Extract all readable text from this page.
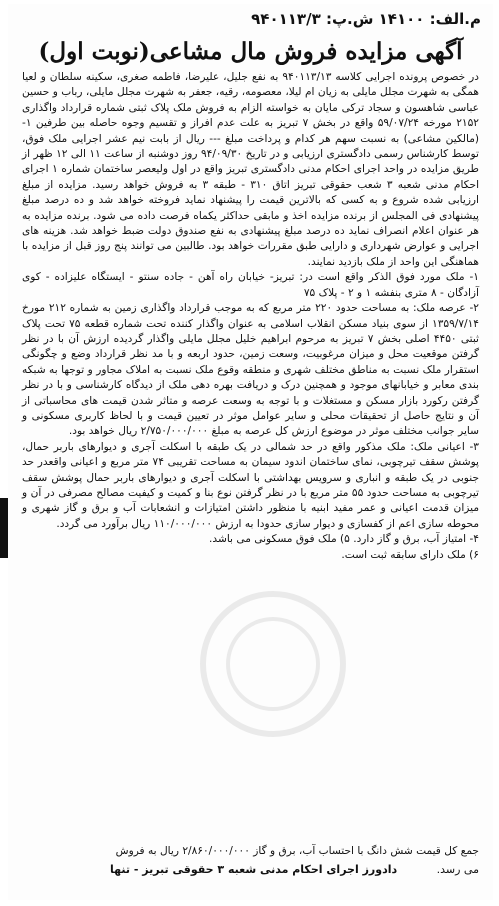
م.الف: ۱۴۱۰۰ ش.پ: ۹۴۰۱۱۳/۳
آگهی مزایده فروش مال مشاعی(نوبت اول)

در خصوص پرونده اجرایی کلاسه ۹۴۰۱۱۳/۱۳ به نفع جلیل، علیرضا، فاطمه صغری، سکینه سلطان و لعیا همگی به شهرت مجلل مایلی به زیان ام لیلا، معصومه، رقیه، جعفر به شهرت مجلل مایلی، رباب و حسین عباسی شاهسون و سجاد ترکی مایان به خواسته الزام به فروش ملک پلاک ثبتی شماره قرارداد واگذاری ۲۱۵۲ مورخه ۵۹/۰۷/۲۴ واقع در بخش ۷ تبریز به علت عدم افراز و تقسیم وجوه حاصله بین طرفین ۱- (مالکین مشاعی) به نسبت سهم هر کدام و پرداخت مبلغ --- ریال از بابت نیم عشر اجرایی ملک فوق، توسط کارشناس رسمی دادگستری ارزیابی و در تاریخ ۹۴/۰۹/۳۰ روز دوشنبه از ساعت ۱۱ الی ۱۲ ظهر از طریق مزایده در واحد اجرای احکام مدنی دادگستری تبریز واقع در اول ولیعصر ساختمان شماره ۱ اجرای احکام مدنی شعبه ۳ شعب حقوقی تبریز اتاق ۳۱۰ - طبقه ۳ به فروش خواهد رسید. مزایده از مبلغ ارزیابی شده شروع و به کسی که بالاترین قیمت را پیشنهاد نماید فروخته خواهد شد و ده درصد مبلغ پیشنهادی فی المجلس از برنده مزایده اخذ و مابقی حداکثر یکماه فرصت داده می شود. برنده مزایده به هر عنوان اعلام انصراف نماید ده درصد مبلغ پیشنهادی به نفع صندوق دولت ضبط خواهد شد. هزینه های اجرایی و عوارض شهرداری و دارایی طبق مقررات خواهد بود. طالبین می توانند پنج روز قبل از مزایده با هماهنگی این واحد از ملک بازدید نمایند.

۱- ملک مورد فوق الذکر واقع است در: تبریز- خیابان راه آهن - جاده سنتو - ایستگاه علیزاده - کوی آزادگان - ۸ متری بنفشه ۱ و ۲ - پلاک ۷۵

۲- عرصه ملک: به مساحت حدود ۲۲۰ متر مربع که به موجب قرارداد واگذاری زمین به شماره ۲۱۲ مورخ ۱۳۵۹/۷/۱۴ از سوی بنیاد مسکن انقلاب اسلامی به عنوان واگذار کننده تحت شماره قطعه ۷۵ تحت پلاک ثبتی ۴۴۵۰ اصلی بخش ۷ تبریز به مرحوم ابراهیم خلیل مجلل مایلی واگذار گردیده ارزش آن با در نظر گرفتن موقعیت محل و میزان مرغوبیت، وسعت زمین، حدود اربعه و با مد نظر قرارداد وضع و چگونگی استقرار ملک نسبت به مناطق مختلف شهری و منطقه وقوع ملک نسبت به املاک مجاور و توجها به شبکه بندی معابر و خیابانهای موجود و همچنین درک و دریافت بهره دهی ملک از دیدگاه کارشناسی و با در نظر گرفتن رکورد بازار مسکن و مستغلات و با توجه به وسعت عرصه و متاثر شدن قیمت های محاسباتی از آن و نتایج حاصل از تحقیقات محلی و سایر عوامل موثر در تعیین قیمت و با لحاظ کاربری مسکونی و سایر جوانب مختلف موثر در موضوع ارزش کل عرصه به مبلغ ۲/۷۵۰/۰۰۰/۰۰۰ ریال خواهد بود.

۳- اعیانی ملک: ملک مذکور واقع در حد شمالی در یک طبقه با اسکلت آجری و دیوارهای باربر حمال، پوشش سقف تیرچوبی، نمای ساختمان اندود سیمان به مساحت تقریبی ۷۴ متر مربع و اعیانی واقعدر حد جنوبی در یک طبقه و انباری و سرویس بهداشتی با اسکلت آجری و دیوارهای باربر حمال پوشش سقف تیرچوبی به مساحت حدود ۵۵ متر مربع با در نظر گرفتن نوع بنا و کمیت و کیفیت مصالح مصرفی در آن و میزان قدمت اعیانی و عمر مفید ابنیه با منظور داشتن امتیازات و انشعابات آب و برق و گاز شهری و محوطه سازی اعم از کفسازی و دیوار سازی حدودا به ارزش ۱۱۰/۰۰۰/۰۰۰ ریال برآورد می گردد.

۴- امتیاز آب، برق و گاز دارد. ۵) ملک فوق مسکونی می باشد.

۶) ملک دارای سابقه ثبت است.

جمع کل قیمت شش دانگ با احتساب آب، برق و گاز ۲/۸۶۰/۰۰۰/۰۰۰ ریال به فروش
می رسد. دادورز اجرای احکام مدنی شعبه ۳ حقوقی تبریز - تنها
